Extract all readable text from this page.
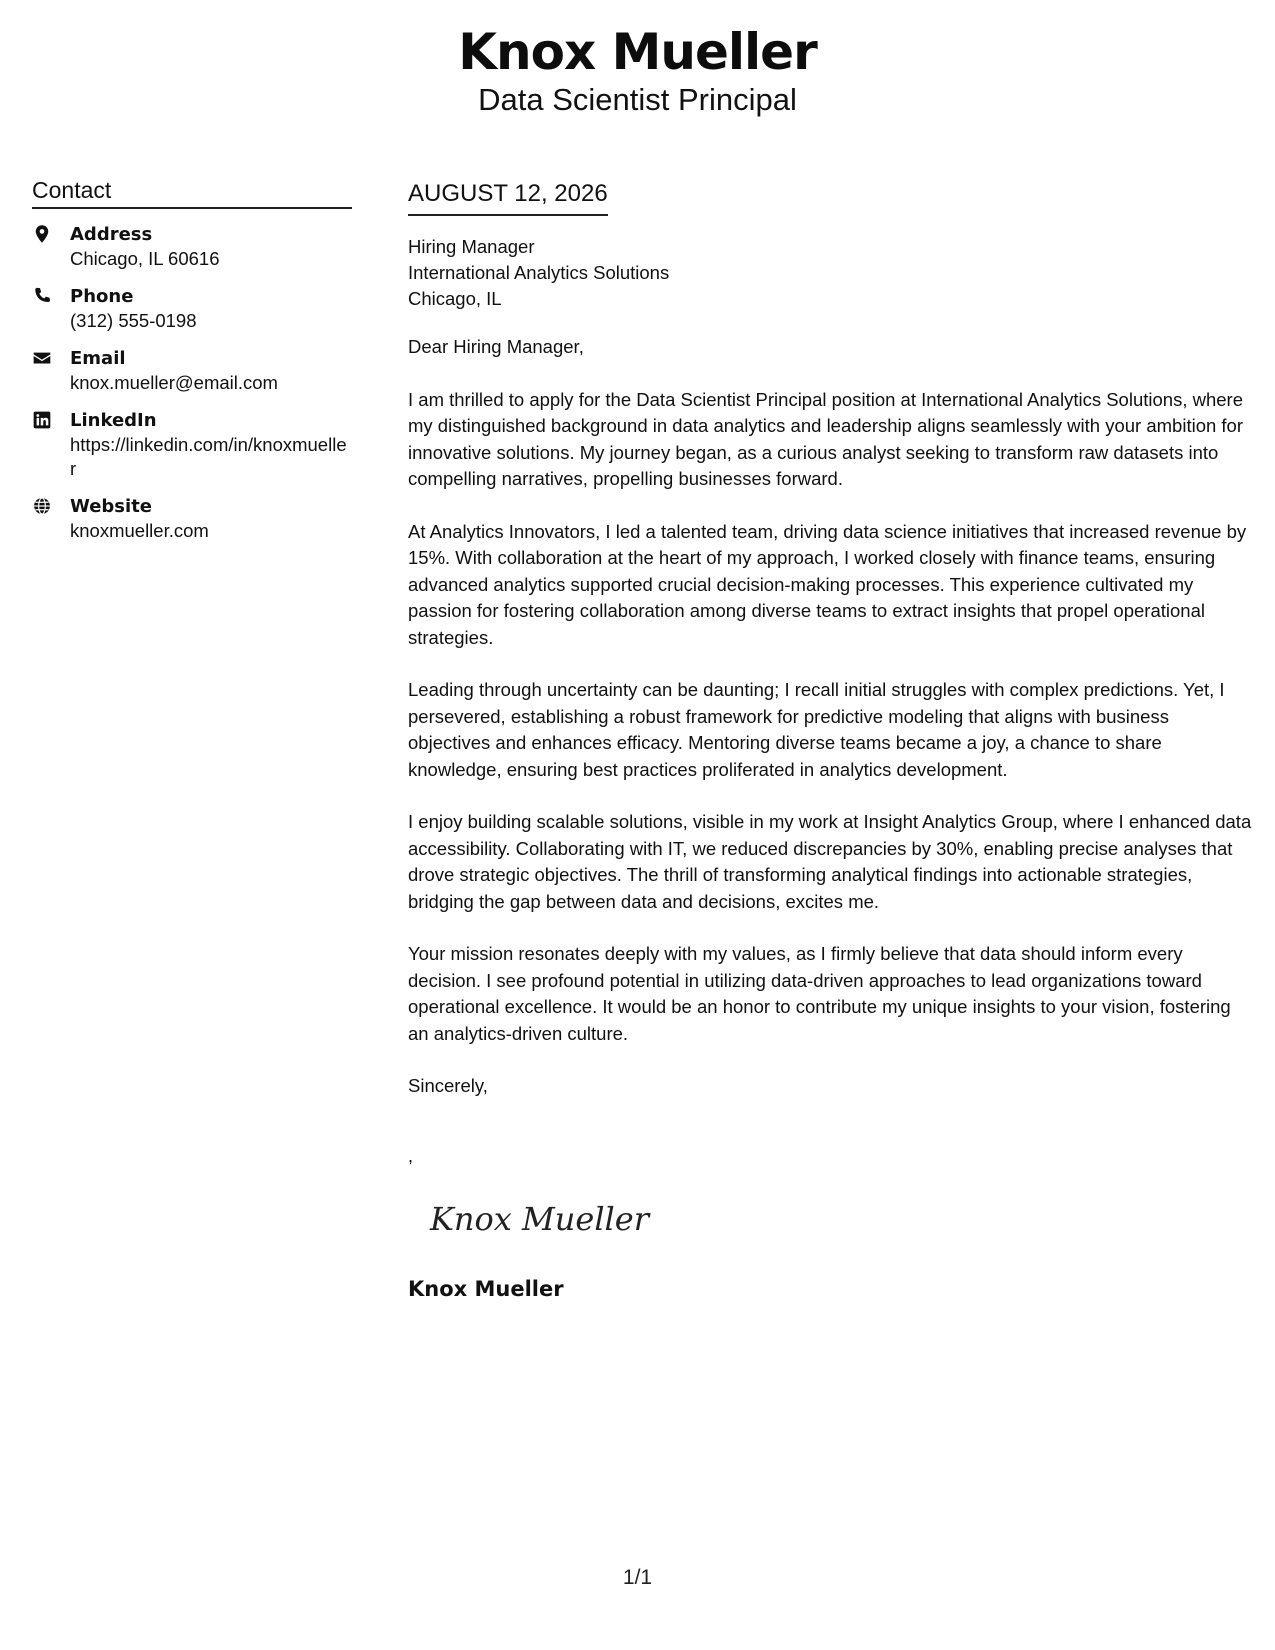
Knox Mueller
Data Scientist Principal
Contact
Address
Chicago, IL 60616
Phone
(312) 555-0198
Email
knox.mueller@email.com
LinkedIn
https://linkedin.com/in/knoxmueller
Website
knoxmueller.com
AUGUST 12, 2026
Hiring Manager
International Analytics Solutions
Chicago, IL

Dear Hiring Manager,

I am thrilled to apply for the Data Scientist Principal position at International Analytics Solutions, where my distinguished background in data analytics and leadership aligns seamlessly with your ambition for innovative solutions. My journey began, as a curious analyst seeking to transform raw datasets into compelling narratives, propelling businesses forward.

At Analytics Innovators, I led a talented team, driving data science initiatives that increased revenue by 15%. With collaboration at the heart of my approach, I worked closely with finance teams, ensuring advanced analytics supported crucial decision-making processes. This experience cultivated my passion for fostering collaboration among diverse teams to extract insights that propel operational strategies.

Leading through uncertainty can be daunting; I recall initial struggles with complex predictions. Yet, I persevered, establishing a robust framework for predictive modeling that aligns with business objectives and enhances efficacy. Mentoring diverse teams became a joy, a chance to share knowledge, ensuring best practices proliferated in analytics development.

I enjoy building scalable solutions, visible in my work at Insight Analytics Group, where I enhanced data accessibility. Collaborating with IT, we reduced discrepancies by 30%, enabling precise analyses that drove strategic objectives. The thrill of transforming analytical findings into actionable strategies, bridging the gap between data and decisions, excites me.

Your mission resonates deeply with my values, as I firmly believe that data should inform every decision. I see profound potential in utilizing data-driven approaches to lead organizations toward operational excellence. It would be an honor to contribute my unique insights to your vision, fostering an analytics-driven culture.

Sincerely,

,
Knox Mueller
Knox Mueller
1/1
